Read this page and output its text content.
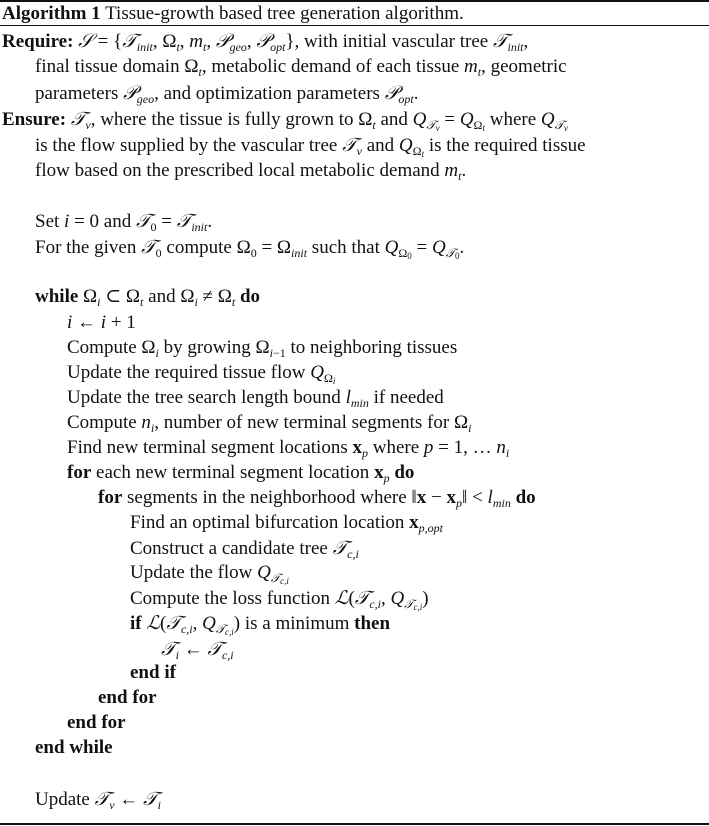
Algorithm 1 Tissue-growth based tree generation algorithm.
Require: 𝒮 = {𝒯$_{init}$, $\Omega_t$, $m_t$, 𝒫$_{geo}$, 𝒫$_{opt}$}, with initial vascular tree 𝒯$_{init}$,
final tissue domain $\Omega_t$, metabolic demand of each tissue $m_t$, geometric
parameters 𝒫$_{geo}$, and optimization parameters 𝒫$_{opt}$.
Ensure: 𝒯$_v$, where the tissue is fully grown to $\Omega_t$ and $Q_{𝒯_v} = Q_{\Omega_t}$ where $Q_{𝒯_v}$
is the flow supplied by the vascular tree 𝒯$_v$ and $Q_{\Omega_t}$ is the required tissue
flow based on the prescribed local metabolic demand $m_t$.
Set i = 0 and 𝒯$_0$ = 𝒯$_{init}$.
For the given 𝒯$_0$ compute $\Omega_0 = \Omega_{init}$ such that $Q_{\Omega_0} = Q_{𝒯_0}$.
while $\Omega_i$ ⊂ $\Omega_t$ and $\Omega_i \ne \Omega_t$ do
i ← i + 1
Compute $\Omega_i$ by growing $\Omega_{i-1}$ to neighboring tissues
Update the required tissue flow $Q_{\Omega_i}$
Update the tree search length bound $l_{min}$ if needed
Compute $n_i$, number of new terminal segments for $\Omega_i$
Find new terminal segment locations $x_p$ where p = 1, … $n_i$
for each new terminal segment location $x_p$ do
for segments in the neighborhood where ‖x − $x_p‖ < l_{min}$ do
Find an optimal bifurcation location $x_{p,opt}$
Construct a candidate tree 𝒯$_{c,i}$
Update the flow $Q_{𝒯_{c,i}}$
Compute the loss function ℒ(𝒯$_{c,i}$, $Q_{𝒯_{c,i}}$)
if ℒ(𝒯$_{c,i}$, $Q_{𝒯_{c,i}}$) is a minimum then
𝒯$_i$ ← 𝒯$_{c,i}$
end if
end for
end for
end while
Update 𝒯$_v$ ← 𝒯$_i$
